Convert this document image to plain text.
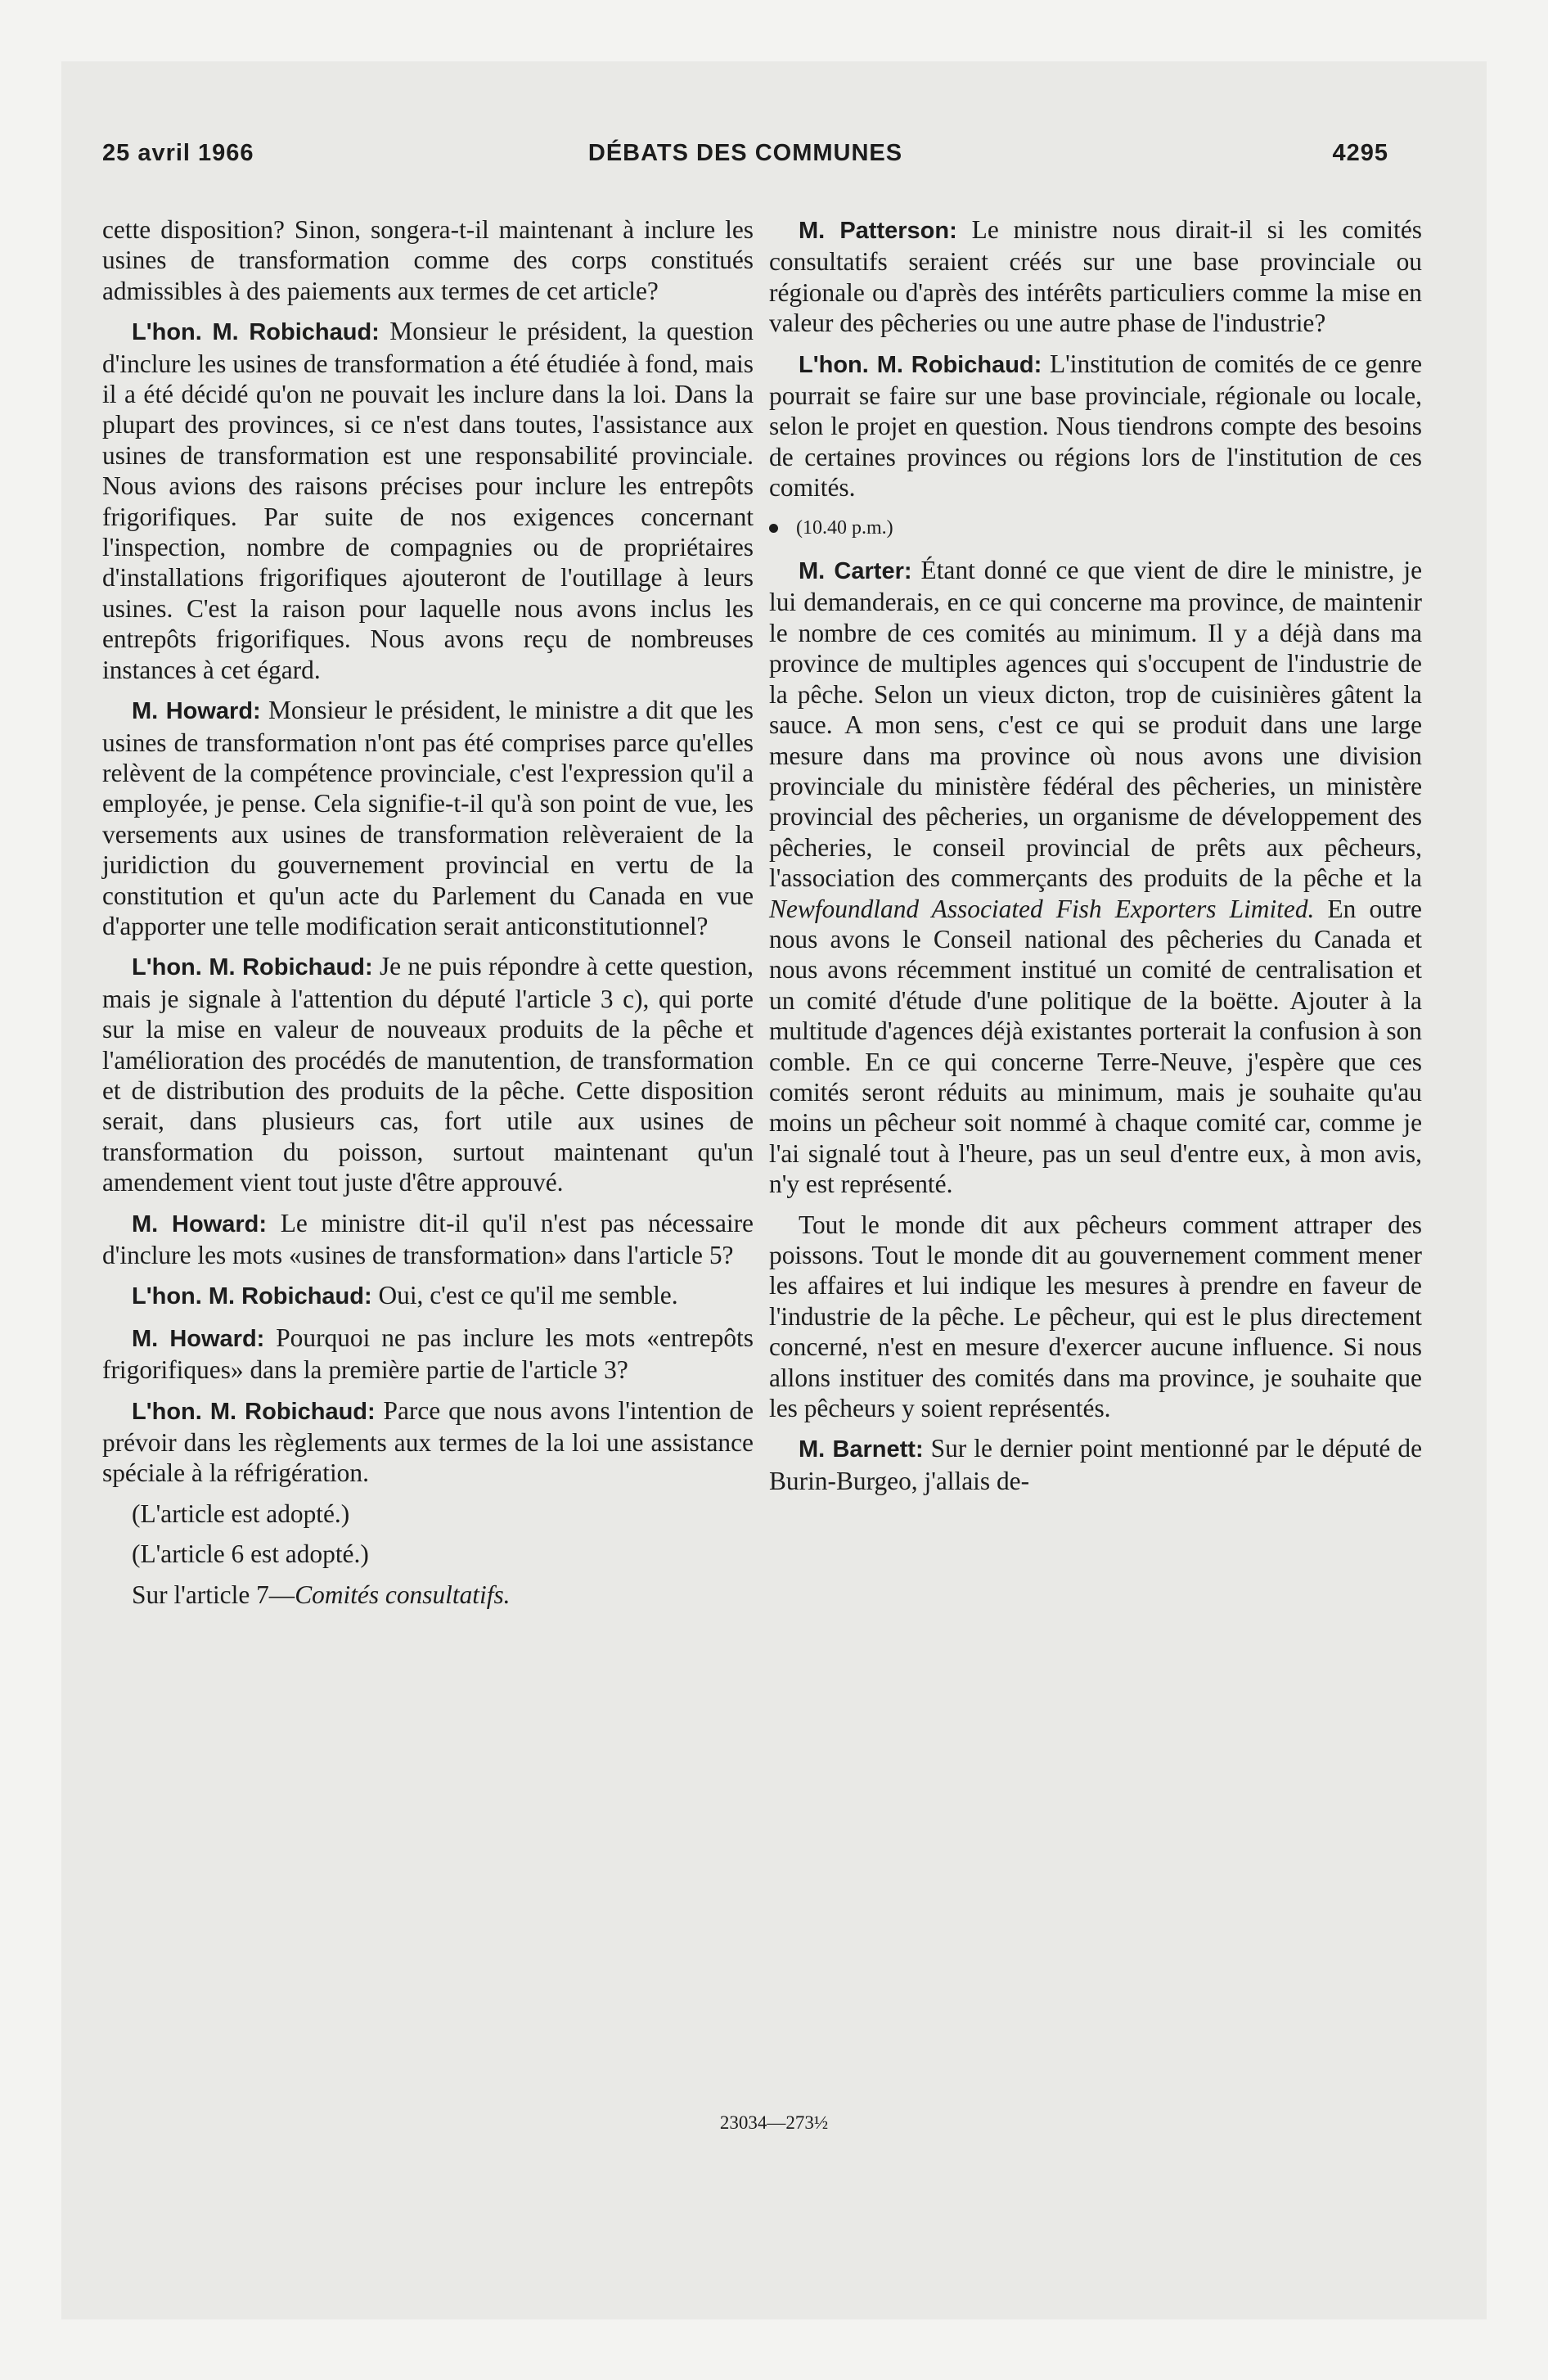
25 avril 1966	DÉBATS DES COMMUNES	4295

cette disposition? Sinon, songera-t-il maintenant à inclure les usines de transformation comme des corps constitués admissibles à des paiements aux termes de cet article?

L'hon. M. Robichaud: Monsieur le président, la question d'inclure les usines de transformation a été étudiée à fond, mais il a été décidé qu'on ne pouvait les inclure dans la loi. Dans la plupart des provinces, si ce n'est dans toutes, l'assistance aux usines de transformation est une responsabilité provinciale. Nous avions des raisons précises pour inclure les entrepôts frigorifiques. Par suite de nos exigences concernant l'inspection, nombre de compagnies ou de propriétaires d'installations frigorifiques ajouteront de l'outillage à leurs usines. C'est la raison pour laquelle nous avons inclus les entrepôts frigorifiques. Nous avons reçu de nombreuses instances à cet égard.

M. Howard: Monsieur le président, le ministre a dit que les usines de transformation n'ont pas été comprises parce qu'elles relèvent de la compétence provinciale, c'est l'expression qu'il a employée, je pense. Cela signifie-t-il qu'à son point de vue, les versements aux usines de transformation relèveraient de la juridiction du gouvernement provincial en vertu de la constitution et qu'un acte du Parlement du Canada en vue d'apporter une telle modification serait anticonstitutionnel?

L'hon. M. Robichaud: Je ne puis répondre à cette question, mais je signale à l'attention du député l'article 3 c), qui porte sur la mise en valeur de nouveaux produits de la pêche et l'amélioration des procédés de manutention, de transformation et de distribution des produits de la pêche. Cette disposition serait, dans plusieurs cas, fort utile aux usines de transformation du poisson, surtout maintenant qu'un amendement vient tout juste d'être approuvé.

M. Howard: Le ministre dit-il qu'il n'est pas nécessaire d'inclure les mots «usines de transformation» dans l'article 5?

L'hon. M. Robichaud: Oui, c'est ce qu'il me semble.

M. Howard: Pourquoi ne pas inclure les mots «entrepôts frigorifiques» dans la première partie de l'article 3?

L'hon. M. Robichaud: Parce que nous avons l'intention de prévoir dans les règlements aux termes de la loi une assistance spéciale à la réfrigération.

(L'article est adopté.)

(L'article 6 est adopté.)

Sur l'article 7—Comités consultatifs.

M. Patterson: Le ministre nous dirait-il si les comités consultatifs seraient créés sur une base provinciale ou régionale ou d'après des intérêts particuliers comme la mise en valeur des pêcheries ou une autre phase de l'industrie?

L'hon. M. Robichaud: L'institution de comités de ce genre pourrait se faire sur une base provinciale, régionale ou locale, selon le projet en question. Nous tiendrons compte des besoins de certaines provinces ou régions lors de l'institution de ces comités.

(10.40 p.m.)

M. Carter: Étant donné ce que vient de dire le ministre, je lui demanderais, en ce qui concerne ma province, de maintenir le nombre de ces comités au minimum. Il y a déjà dans ma province de multiples agences qui s'occupent de l'industrie de la pêche. Selon un vieux dicton, trop de cuisinières gâtent la sauce. A mon sens, c'est ce qui se produit dans une large mesure dans ma province où nous avons une division provinciale du ministère fédéral des pêcheries, un ministère provincial des pêcheries, un organisme de développement des pêcheries, le conseil provincial de prêts aux pêcheurs, l'association des commerçants des produits de la pêche et la Newfoundland Associated Fish Exporters Limited. En outre nous avons le Conseil national des pêcheries du Canada et nous avons récemment institué un comité de centralisation et un comité d'étude d'une politique de la boëtte. Ajouter à la multitude d'agences déjà existantes porterait la confusion à son comble. En ce qui concerne Terre-Neuve, j'espère que ces comités seront réduits au minimum, mais je souhaite qu'au moins un pêcheur soit nommé à chaque comité car, comme je l'ai signalé tout à l'heure, pas un seul d'entre eux, à mon avis, n'y est représenté.

Tout le monde dit aux pêcheurs comment attraper des poissons. Tout le monde dit au gouvernement comment mener les affaires et lui indique les mesures à prendre en faveur de l'industrie de la pêche. Le pêcheur, qui est le plus directement concerné, n'est en mesure d'exercer aucune influence. Si nous allons instituer des comités dans ma province, je souhaite que les pêcheurs y soient représentés.

M. Barnett: Sur le dernier point mentionné par le député de Burin-Burgeo, j'allais de-

23034—273½
